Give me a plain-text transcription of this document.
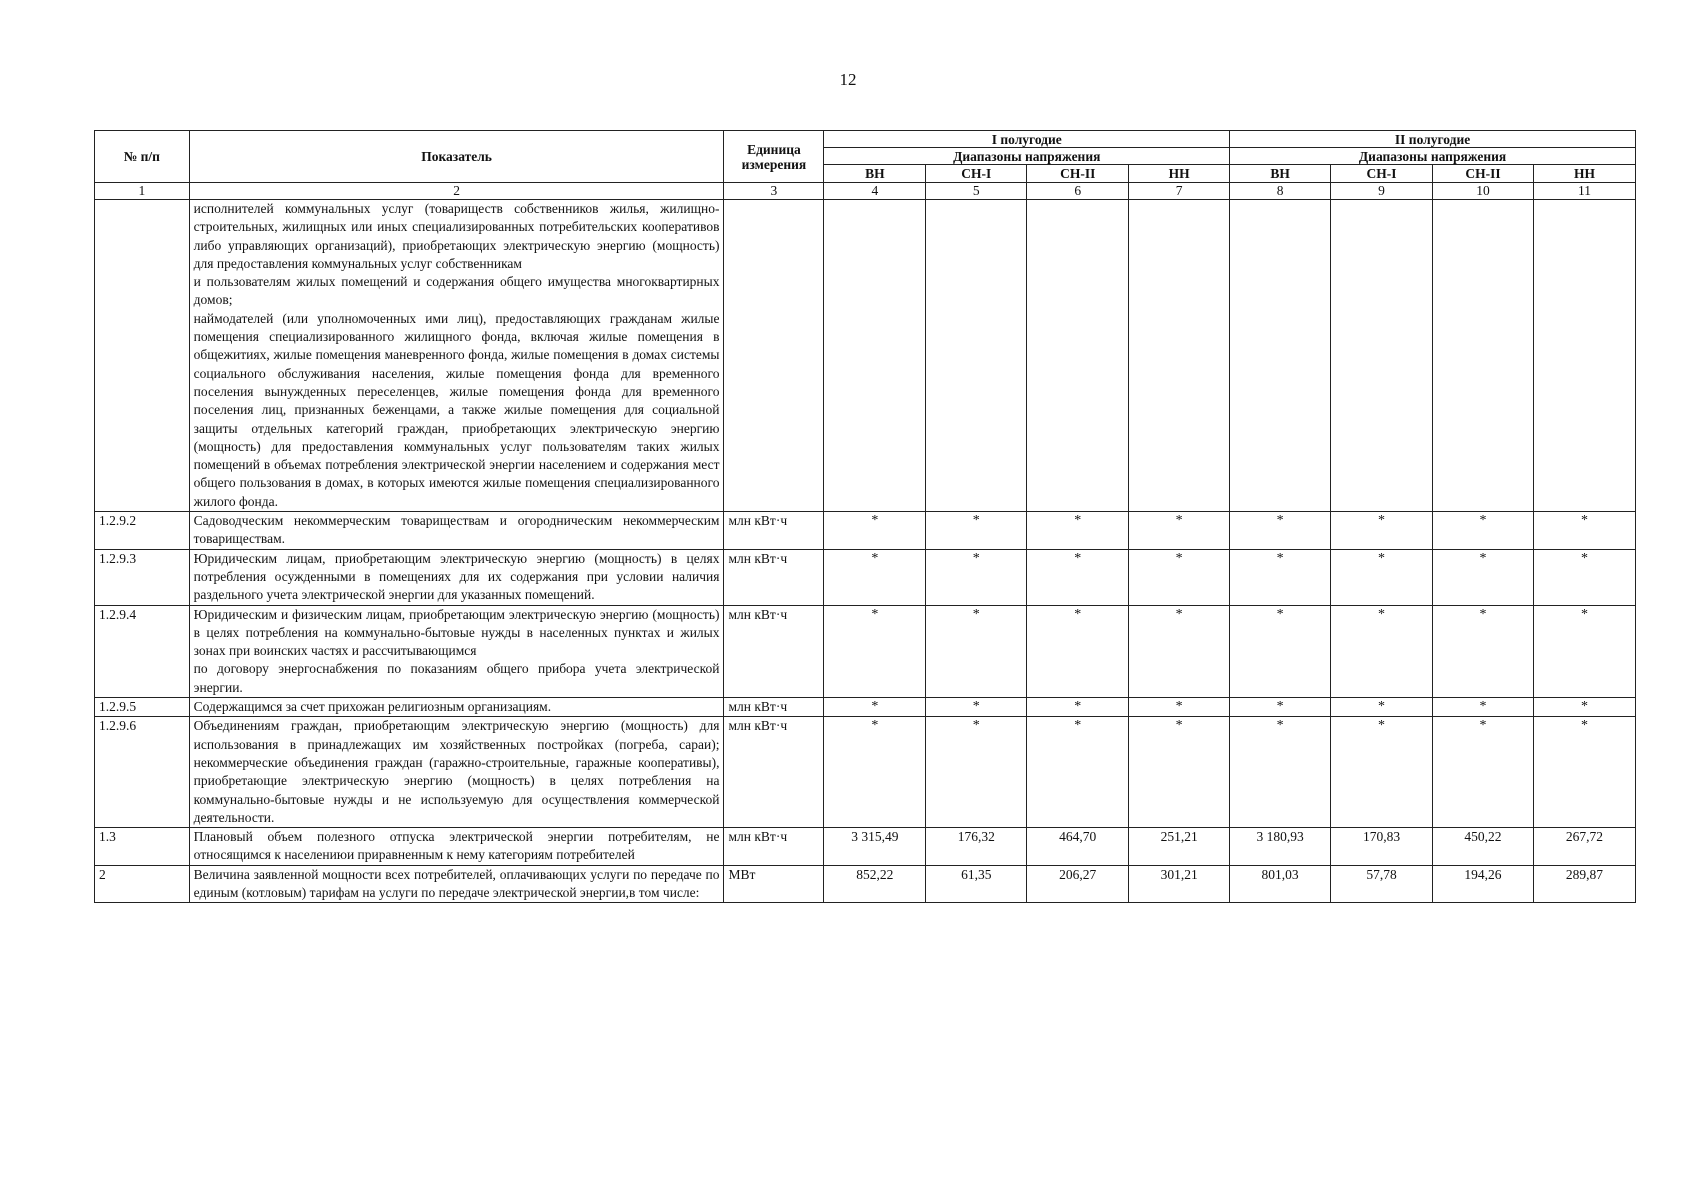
12
№ п/п	Показатель	Единица измерения	I полугодие				II полугодие			
			Диапазоны напряжения				Диапазоны напряжения			
			ВН	СН-I	СН-II	НН	ВН	СН-I	СН-II	НН
1	2	3	4	5	6	7	8	9	10	11

	исполнителей коммунальных услуг (товариществ собственников жилья, жилищно-строительных, жилищных или иных специализированных потребительских кооперативов либо управляющих организаций), приобретающих электрическую энергию (мощность) для предоставления коммунальных услуг собственникам
и пользователям жилых помещений и содержания общего имущества многоквартирных домов;
наймодателей (или уполномоченных ими лиц), предоставляющих гражданам жилые помещения специализированного жилищного фонда, включая жилые помещения в общежитиях, жилые помещения маневренного фонда, жилые помещения в домах системы социального обслуживания населения, жилые помещения фонда для временного поселения вынужденных переселенцев, жилые помещения фонда для временного поселения лиц, признанных беженцами, а также жилые помещения для социальной защиты отдельных категорий граждан, приобретающих электрическую энергию (мощность) для предоставления коммунальных услуг пользователям таких жилых помещений в объемах потребления электрической энергии населением и содержания мест общего пользования в домах, в которых имеются жилые помещения специализированного жилого фонда.									

1.2.9.2	Садоводческим некоммерческим товариществам и огородническим некоммерческим товариществам.	млн кВт·ч	*	*	*	*	*	*	*	*
1.2.9.3	Юридическим лицам, приобретающим электрическую энергию (мощность) в целях потребления осужденными в помещениях для их содержания при условии наличия раздельного учета электрической энергии для указанных помещений.	млн кВт·ч	*	*	*	*	*	*	*	*
1.2.9.4	Юридическим и физическим лицам, приобретающим электрическую энергию (мощность) в целях потребления на коммунально-бытовые нужды в населенных пунктах и жилых зонах при воинских частях и рассчитывающимся
по договору энергоснабжения по показаниям общего прибора учета электрической энергии.	млн кВт·ч	*	*	*	*	*	*	*	*
1.2.9.5	Содержащимся за счет прихожан религиозным организациям.	млн кВт·ч	*	*	*	*	*	*	*	*
1.2.9.6	Объединениям граждан, приобретающим электрическую энергию (мощность) для использования в принадлежащих им хозяйственных постройках (погреба, сараи); некоммерческие объединения граждан (гаражно-строительные, гаражные кооперативы), приобретающие электрическую энергию (мощность) в целях потребления на коммунально-бытовые нужды и не используемую для осуществления коммерческой деятельности.	млн кВт·ч	*	*	*	*	*	*	*	*
1.3	Плановый объем полезного отпуска электрической энергии потребителям, не относящимся к населениюи приравненным к нему категориям потребителей	млн кВт·ч	3 315,49	176,32	464,70	251,21	3 180,93	170,83	450,22	267,72
2	Величина заявленной мощности всех потребителей, оплачивающих услуги по передаче по единым (котловым) тарифам на услуги по передаче электрической энергии,в том числе:	МВт	852,22	61,35	206,27	301,21	801,03	57,78	194,26	289,87
